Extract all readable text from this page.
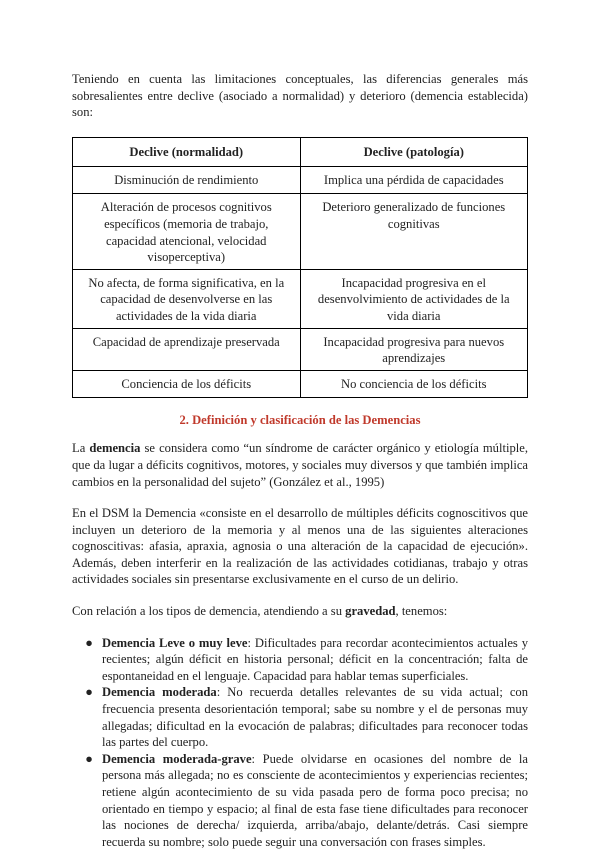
Teniendo en cuenta las limitaciones conceptuales, las diferencias generales más sobresalientes entre declive (asociado a normalidad) y deterioro (demencia establecida) son:

Declive (normalidad)	Declive (patología)
Disminución de rendimiento	Implica una pérdida de capacidades
Alteración de procesos cognitivos específicos (memoria de trabajo, capacidad atencional, velocidad visoperceptiva)	Deterioro generalizado de funciones cognitivas
No afecta, de forma significativa, en la capacidad de desenvolverse en las actividades de la vida diaria	Incapacidad progresiva en el desenvolvimiento de actividades de la vida diaria
Capacidad de aprendizaje preservada	Incapacidad progresiva para nuevos aprendizajes
Conciencia de los déficits	No conciencia de los déficits
2. Definición y clasificación de las Demencias

La demencia se considera como “un síndrome de carácter orgánico y etiología múltiple, que da lugar a déficits cognitivos, motores, y sociales muy diversos y que también implica cambios en la personalidad del sujeto” (González et al., 1995)

En el DSM la Demencia «consiste en el desarrollo de múltiples déficits cognoscitivos que incluyen un deterioro de la memoria y al menos una de las siguientes alteraciones cognoscitivas: afasia, apraxia, agnosia o una alteración de la capacidad de ejecución». Además, deben interferir en la realización de las actividades cotidianas, trabajo y otras actividades sociales sin presentarse exclusivamente en el curso de un delirio.

Con relación a los tipos de demencia, atendiendo a su gravedad, tenemos:

● Demencia Leve o muy leve: Dificultades para recordar acontecimientos actuales y recientes; algún déficit en historia personal; déficit en la concentración; falta de espontaneidad en el lenguaje. Capacidad para hablar temas superficiales.
● Demencia moderada: No recuerda detalles relevantes de su vida actual; con frecuencia presenta desorientación temporal; sabe su nombre y el de personas muy allegadas; dificultad en la evocación de palabras; dificultades para reconocer todas las partes del cuerpo.
● Demencia moderada-grave: Puede olvidarse en ocasiones del nombre de la persona más allegada; no es consciente de acontecimientos y experiencias recientes; retiene algún acontecimiento de su vida pasada pero de forma poco precisa; no orientado en tiempo y espacio; al final de esta fase tiene dificultades para reconocer las nociones de derecha/ izquierda, arriba/abajo, delante/detrás. Casi siempre recuerda su nombre; solo puede seguir una conversación con frases simples.
